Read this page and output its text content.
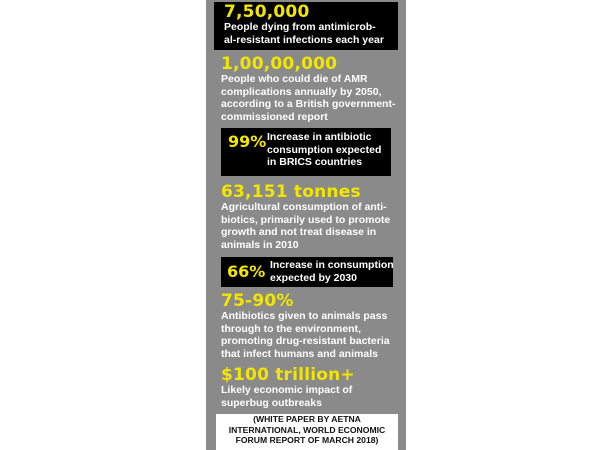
7,50,000
People dying from antimicrob-
al-resistant infections each year
1,00,00,000
People who could die of AMR
complications annually by 2050,
according to a British government-
commissioned report
99% Increase in antibiotic
consumption expected
in BRICS countries
63,151 tonnes
Agricultural consumption of anti-
biotics, primarily used to promote
growth and not treat disease in
animals in 2010
66% Increase in consumption
expected by 2030
75-90%
Antibiotics given to animals pass
through to the environment,
promoting drug-resistant bacteria
that infect humans and animals
$100 trillion+
Likely economic impact of
superbug outbreaks
(WHITE PAPER BY AETNA
INTERNATIONAL, WORLD ECONOMIC
FORUM REPORT OF MARCH 2018)
